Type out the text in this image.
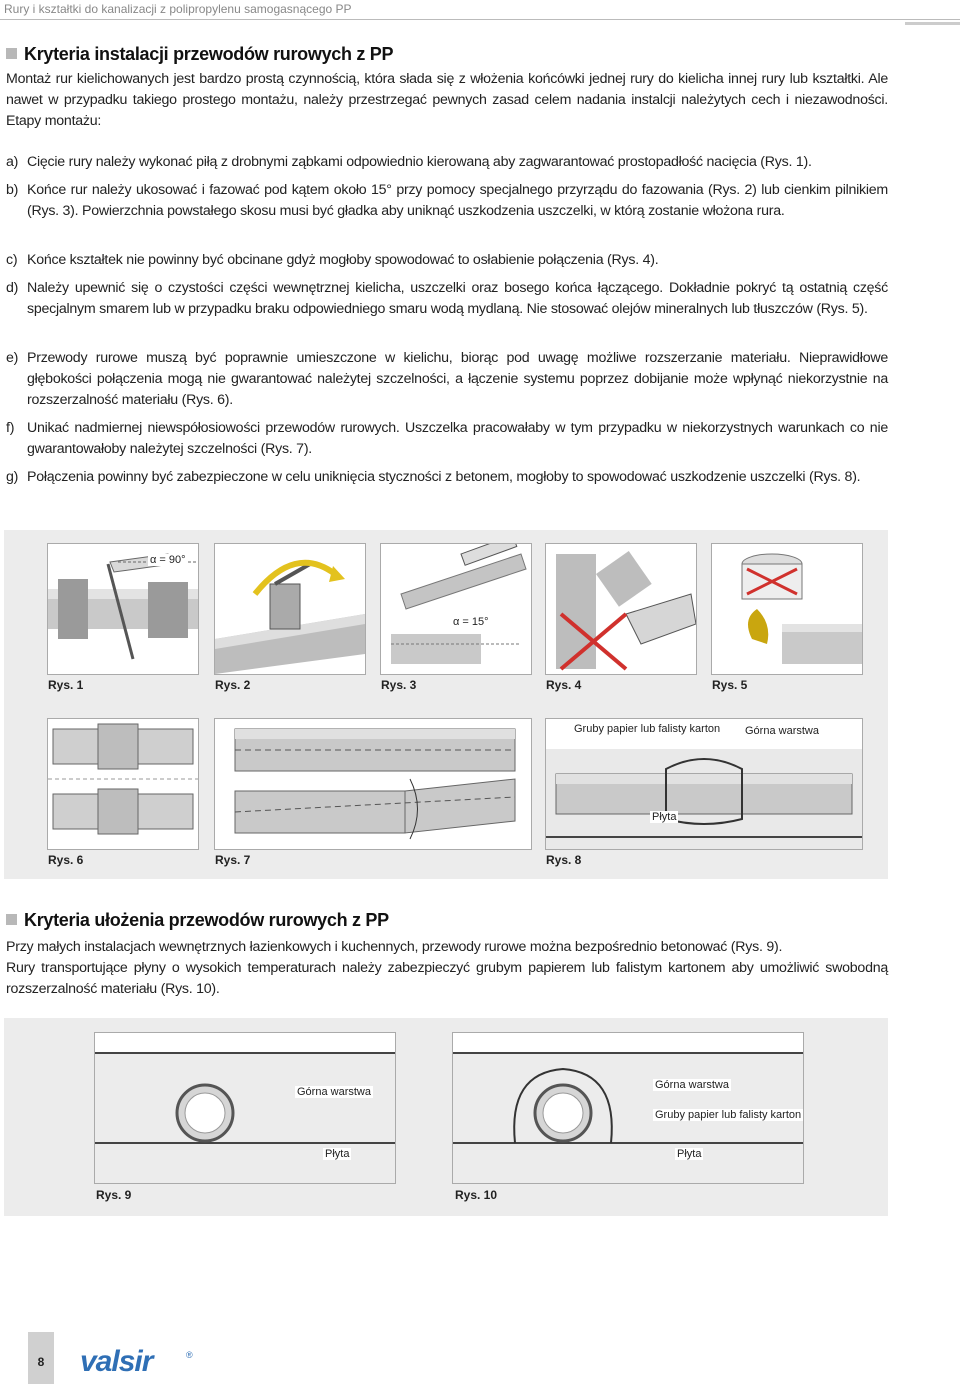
Rury i kształtki do kanalizacji z polipropylenu samogasnącego PP
Kryteria instalacji przewodów rurowych z PP
Montaż rur kielichowanych jest bardzo prostą czynnością, która słada się z włożenia końcówki jednej rury do kielicha innej rury lub kształtki. Ale nawet w przypadku takiego prostego montażu, należy przestrzegać pewnych zasad celem nadania instalcji należytych cech i niezawodności. Etapy montażu:
a) Cięcie rury należy wykonać piłą z drobnymi ząbkami odpowiednio kierowaną aby zagwarantować prostopadłość nacięcia (Rys. 1).
b) Końce rur należy ukosować i fazować pod kątem około 15° przy pomocy specjalnego przyrządu do fazowania (Rys. 2) lub cienkim pilnikiem (Rys. 3). Powierzchnia powstałego skosu musi być gładka aby uniknąć uszkodzenia uszczelki, w którą zostanie włożona rura.
c) Końce kształtek nie powinny być obcinane gdyż mogłoby spowodować to osłabienie połączenia (Rys. 4).
d) Należy upewnić się o czystości części wewnętrznej kielicha, uszczelki oraz bosego końca łączącego. Dokładnie pokryć tą ostatnią część specjalnym smarem lub w przypadku braku odpowiedniego smaru wodą mydlaną. Nie stosować olejów mineralnych lub tłuszczów (Rys. 5).
e) Przewody rurowe muszą być poprawnie umieszczone w kielichu, biorąc pod uwagę możliwe rozszerzanie materiału. Nieprawidłowe głębokości połączenia mogą nie gwarantować należytej szczelności, a łączenie systemu poprzez dobijanie może wpłynąć niekorzystnie na rozszerzalność materiału (Rys. 6).
f) Unikać nadmiernej niewspółosiowości przewodów rurowych. Uszczelka pracowałaby w tym przypadku w niekorzystnych warunkach co nie gwarantowałoby należytej szczelności (Rys. 7).
g) Połączenia powinny być zabezpieczone w celu uniknięcia styczności z betonem, mogłoby to spowodować uszkodzenie uszczelki (Rys. 8).
α = 90°
Rys. 1	Rys. 2
α = 15°
Rys. 3	Rys. 4	Rys. 5
Rys. 6	Rys. 7
Gruby papier lub falisty karton Górna warstwa
Płyta
Rys. 8
Kryteria ułożenia przewodów rurowych z PP
Przy małych instalacjach wewnętrznych łazienkowych i kuchennych, przewody rurowe można bezpośrednio betonować (Rys. 9).
Rury transportujące płyny o wysokich temperaturach należy zabezpieczyć grubym papierem lub falistym kartonem aby umożliwić swobodną rozszerzalność materiału (Rys. 10).
Górna warstwa
Płyta
Rys. 9
Górna warstwa
Gruby papier lub falisty karton
Płyta
Rys. 10
8	valsir	®
